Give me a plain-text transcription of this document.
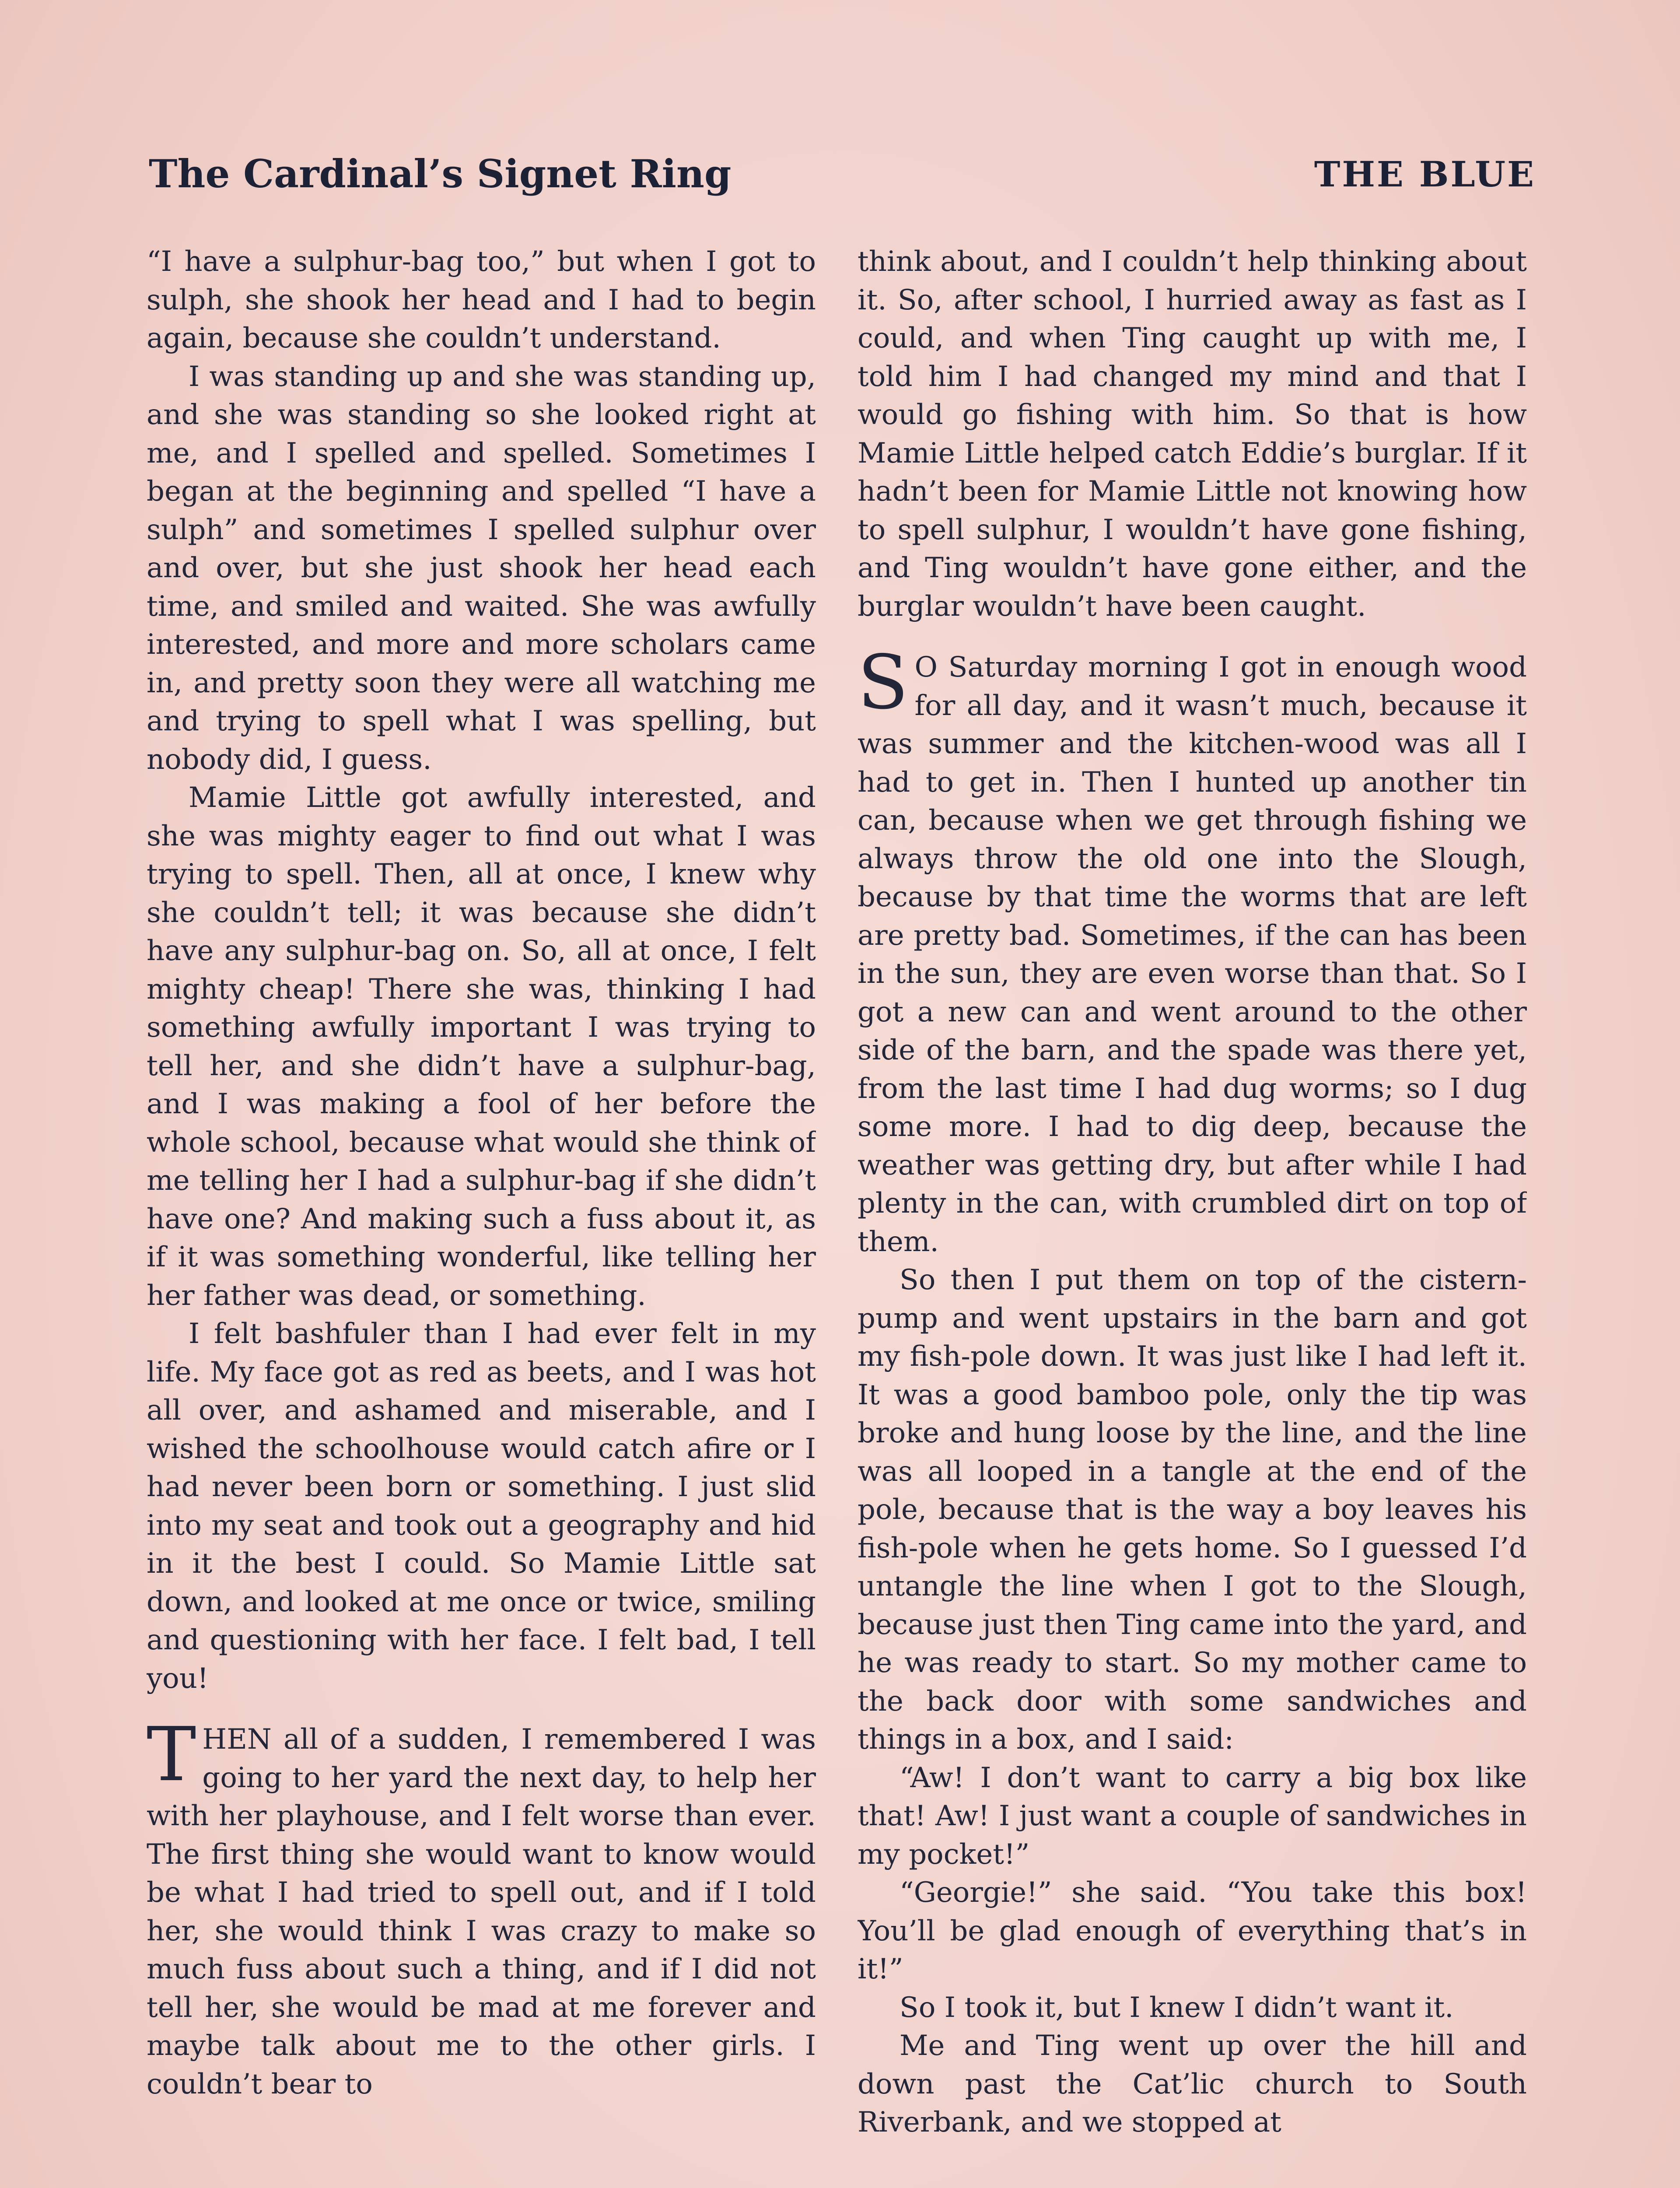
The Cardinal’s Signet Ring	THE BLUE

“I have a sulphur-bag too,” but when I got to sulph, she shook her head and I had to begin again, because she couldn’t understand.

I was standing up and she was standing up, and she was standing so she looked right at me, and I spelled and spelled. Sometimes I began at the beginning and spelled “I have a sulph” and sometimes I spelled sulphur over and over, but she just shook her head each time, and smiled and waited. She was awfully interested, and more and more scholars came in, and pretty soon they were all watching me and trying to spell what I was spelling, but nobody did, I guess.

Mamie Little got awfully interested, and she was mighty eager to find out what I was trying to spell. Then, all at once, I knew why she couldn’t tell; it was because she didn’t have any sulphur-bag on. So, all at once, I felt mighty cheap! There she was, thinking I had something awfully important I was trying to tell her, and she didn’t have a sulphur-bag, and I was making a fool of her before the whole school, because what would she think of me telling her I had a sulphur-bag if she didn’t have one? And making such a fuss about it, as if it was something wonderful, like telling her her father was dead, or something.

I felt bashfuler than I had ever felt in my life. My face got as red as beets, and I was hot all over, and ashamed and miserable, and I wished the schoolhouse would catch afire or I had never been born or something. I just slid into my seat and took out a geography and hid in it the best I could. So Mamie Little sat down, and looked at me once or twice, smiling and questioning with her face. I felt bad, I tell you!

THEN all of a sudden, I remembered I was going to her yard the next day, to help her with her playhouse, and I felt worse than ever. The first thing she would want to know would be what I had tried to spell out, and if I told her, she would think I was crazy to make so much fuss about such a thing, and if I did not tell her, she would be mad at me forever and maybe talk about me to the other girls. I couldn’t bear to

think about, and I couldn’t help thinking about it. So, after school, I hurried away as fast as I could, and when Ting caught up with me, I told him I had changed my mind and that I would go fishing with him. So that is how Mamie Little helped catch Eddie’s burglar. If it hadn’t been for Mamie Little not knowing how to spell sulphur, I wouldn’t have gone fishing, and Ting wouldn’t have gone either, and the burglar wouldn’t have been caught.

SO Saturday morning I got in enough wood for all day, and it wasn’t much, because it was summer and the kitchen-wood was all I had to get in. Then I hunted up another tin can, because when we get through fishing we always throw the old one into the Slough, because by that time the worms that are left are pretty bad. Sometimes, if the can has been in the sun, they are even worse than that. So I got a new can and went around to the other side of the barn, and the spade was there yet, from the last time I had dug worms; so I dug some more. I had to dig deep, because the weather was getting dry, but after while I had plenty in the can, with crumbled dirt on top of them.

So then I put them on top of the cistern-pump and went upstairs in the barn and got my fish-pole down. It was just like I had left it. It was a good bamboo pole, only the tip was broke and hung loose by the line, and the line was all looped in a tangle at the end of the pole, because that is the way a boy leaves his fish-pole when he gets home. So I guessed I’d untangle the line when I got to the Slough, because just then Ting came into the yard, and he was ready to start. So my mother came to the back door with some sandwiches and things in a box, and I said:

“Aw! I don’t want to carry a big box like that! Aw! I just want a couple of sandwiches in my pocket!”

“Georgie!” she said. “You take this box! You’ll be glad enough of everything that’s in it!”

So I took it, but I knew I didn’t want it.

Me and Ting went up over the hill and down past the Cat’lic church to South Riverbank, and we stopped at
